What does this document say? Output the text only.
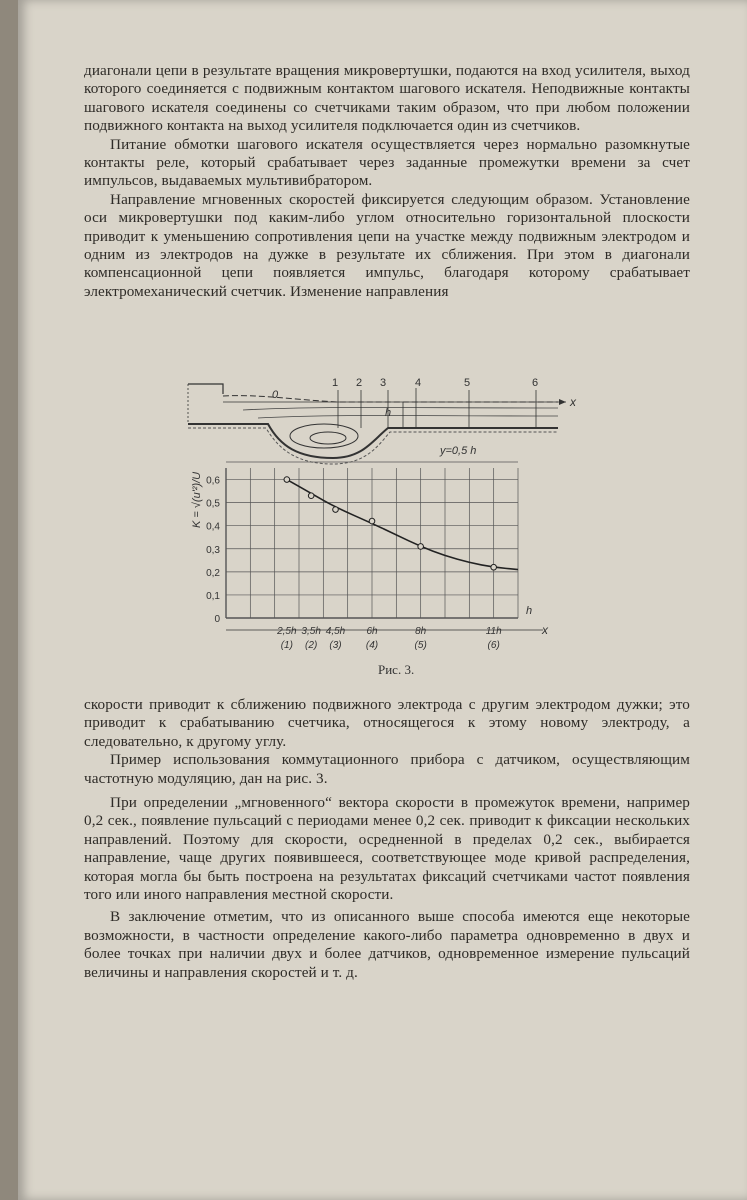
диагонали цепи в результате вращения микровертушки, подаются на вход усилителя, выход которого соединяется с подвижным контактом шагового искателя. Неподвижные контакты шагового искателя соединены со счетчиками таким образом, что при любом положении подвижного контакта на выход усилителя подключается один из счетчиков.

Питание обмотки шагового искателя осуществляется через нормально разомкнутые контакты реле, который срабатывает через заданные промежутки времени за счет импульсов, выдаваемых мультивибратором.

Направление мгновенных скоростей фиксируется следующим образом. Установление оси микровертушки под каким-либо углом относительно горизонтальной плоскости приводит к уменьшению сопротивления цепи на участке между подвижным электродом и одним из электродов на дужке в результате их сближения. При этом в диагонали компенсационной цепи появляется импульс, благодаря которому срабатывает электромеханический счетчик. Изменение направления

0
1 2 3	4	5	6
x
h
y=0,5 h
0
0,1
0,2
0,3
0,4
0,5
0,6
2,5h
(1)
3,5h
(2)
4,5h
(3)
6h
(4)
8h
(5)
11h
(6)
K = √(u'²)/U
h
x
Рис. 3.

скорости приводит к сближению подвижного электрода с другим электродом дужки; это приводит к срабатыванию счетчика, относящегося к этому новому электроду, а следовательно, к другому углу.

Пример использования коммутационного прибора с датчиком, осуществляющим частотную модуляцию, дан на рис. 3.

При определении „мгновенного“ вектора скорости в промежуток времени, например 0,2 сек., появление пульсаций с периодами менее 0,2 сек. приводит к фиксации нескольких направлений. Поэтому для скорости, осредненной в пределах 0,2 сек., выбирается направление, чаще других появившееся, соответствующее моде кривой распределения, которая могла бы быть построена на результатах фиксаций счетчиками частот появления того или иного направления местной скорости.

В заключение отметим, что из описанного выше способа имеются еще некоторые возможности, в частности определение какого-либо параметра одновременно в двух и более точках при наличии двух и более датчиков, одновременное измерение пульсаций величины и направления скоростей и т. д.
